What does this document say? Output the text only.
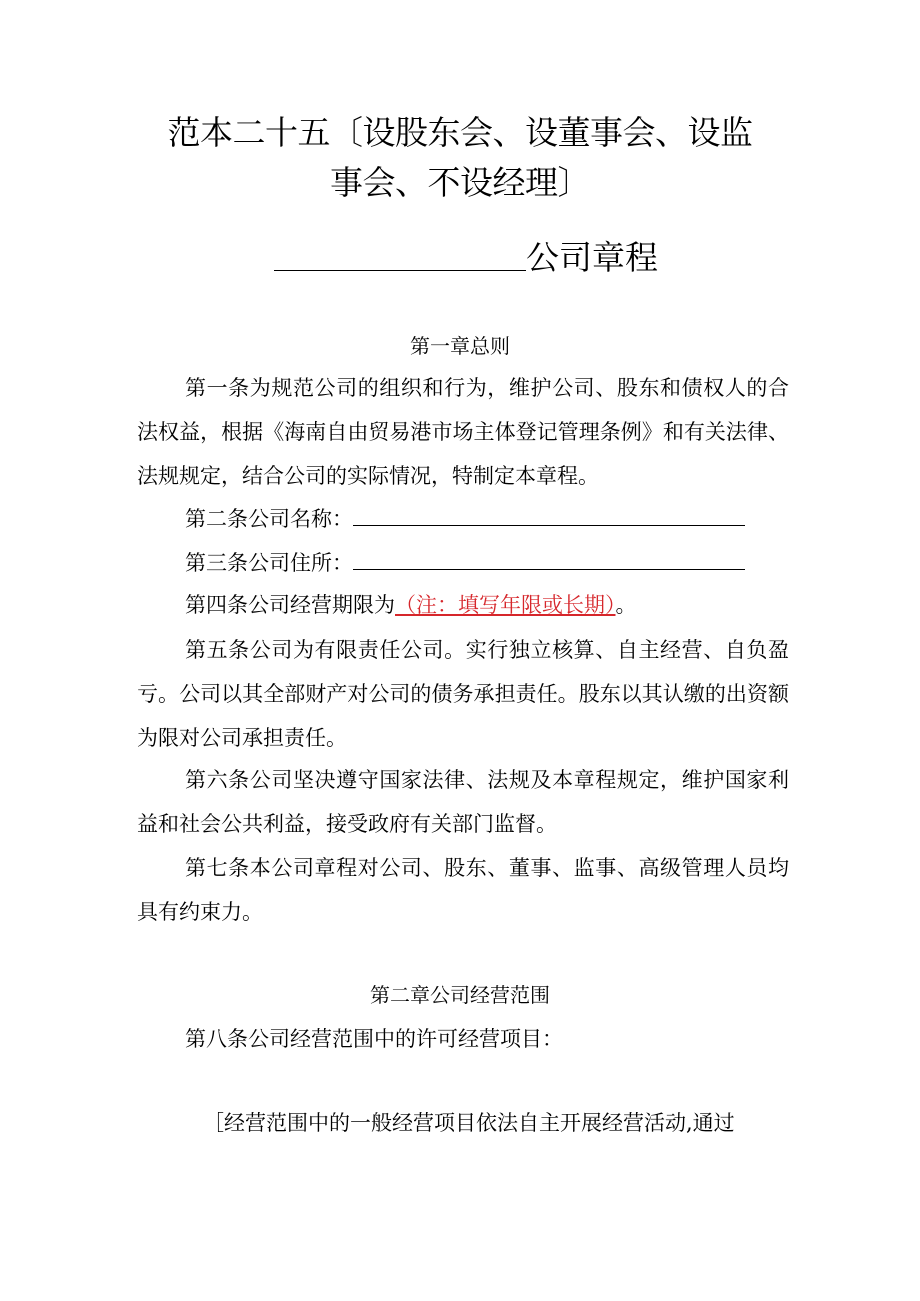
范本二十五〔设股东会、设董事会、设监
事会、不设经理〕
公司章程
第一章总则

第一条为规范公司的组织和行为，维护公司、股东和债权人的合法权益，根据《海南自由贸易港市场主体登记管理条例》和有关法律、法规规定，结合公司的实际情况，特制定本章程。

第二条公司名称：
第三条公司住所：
第四条公司经营期限为（注：填写年限或长期）。

第五条公司为有限责任公司。实行独立核算、自主经营、自负盈亏。公司以其全部财产对公司的债务承担责任。股东以其认缴的出资额为限对公司承担责任。

第六条公司坚决遵守国家法律、法规及本章程规定，维护国家利益和社会公共利益，接受政府有关部门监督。

第七条本公司章程对公司、股东、董事、监事、高级管理人员均具有约束力。

第二章公司经营范围
第八条公司经营范围中的许可经营项目：
［经营范围中的一般经营项目依法自主开展经营活动,通过
